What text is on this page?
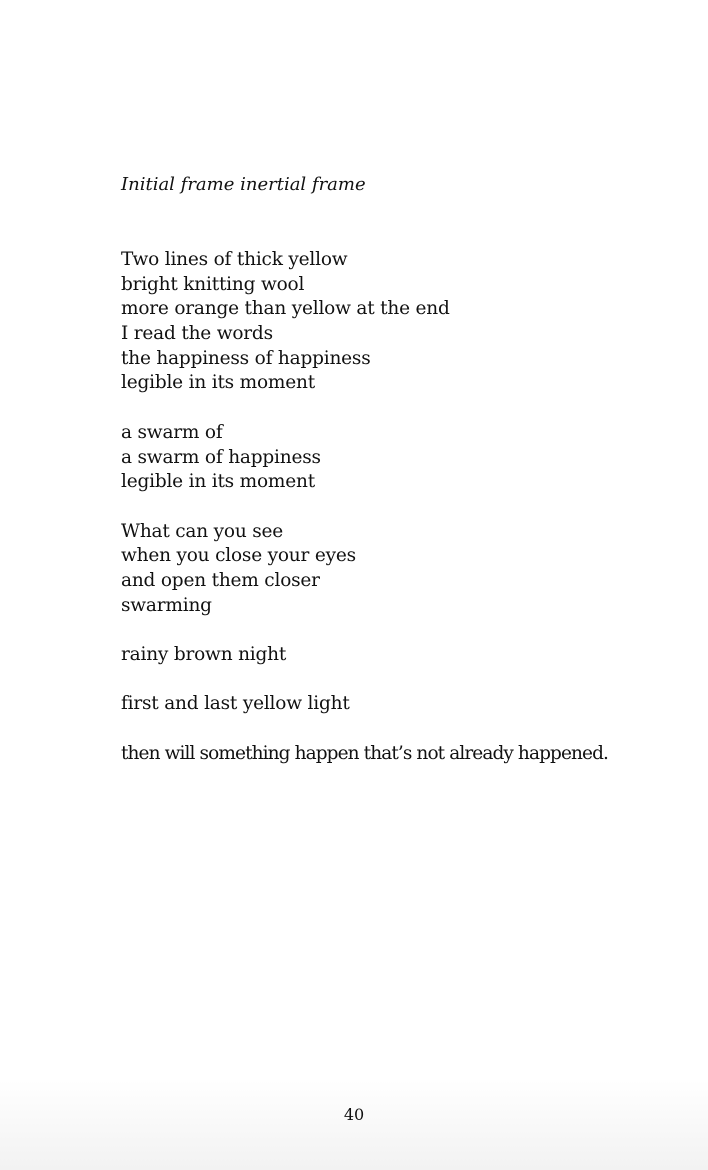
Initial frame inertial frame
Two lines of thick yellow
bright knitting wool
more orange than yellow at the end
I read the words
the happiness of happiness
legible in its moment
a swarm of
a swarm of happiness
legible in its moment
What can you see
when you close your eyes
and open them closer
swarming
rainy brown night
first and last yellow light
then will something happen that’s not already happened.
40
